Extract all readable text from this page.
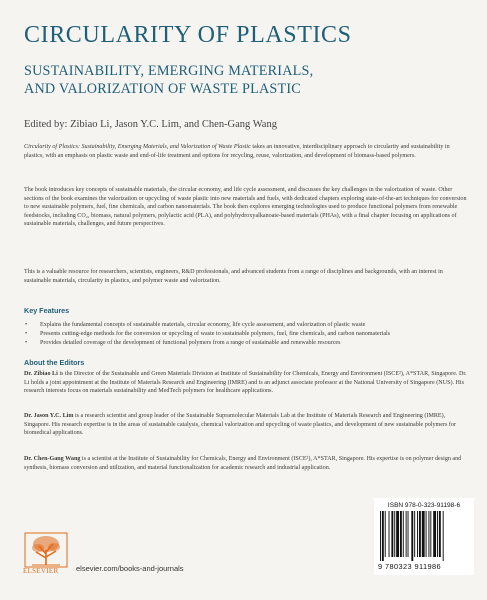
CIRCULARITY OF PLASTICS
SUSTAINABILITY, EMERGING MATERIALS,
AND VALORIZATION OF WASTE PLASTIC
Edited by: Zibiao Li, Jason Y.C. Lim, and Chen-Gang Wang

Circularity of Plastics: Sustainability, Emerging Materials, and Valorization of Waste Plastic takes an innovative, interdisciplinary approach to circularity and sustainability in plastics, with an emphasis on plastic waste and end-of-life treatment and options for recycling, reuse, valorization, and development of biomass-based polymers.

The book introduces key concepts of sustainable materials, the circular economy, and life cycle assessment, and discusses the key challenges in the valorization of waste. Other sections of the book examines the valorization or upcycling of waste plastic into new materials and fuels, with dedicated chapters exploring state-of-the-art techniques for conversion to new sustainable polymers, fuel, fine chemicals, and carbon nanomaterials. The book then explores emerging technologies used to produce functional polymers from renewable feedstocks, including CO₂, biomass, natural polymers, polylactic acid (PLA), and polyhydroxyalkanoate-based materials (PHAs), with a final chapter focusing on applications of sustainable materials, challenges, and future perspectives.

This is a valuable resource for researchers, scientists, engineers, R&D professionals, and advanced students from a range of disciplines and backgrounds, with an interest in sustainable materials, circularity in plastics, and polymer waste and valorization.

Key Features
• Explains the fundamental concepts of sustainable materials, circular economy, life cycle assessment, and valorization of plastic waste
• Presents cutting-edge methods for the conversion or upcycling of waste to sustainable polymers, fuel, fine chemicals, and carbon nanomaterials
• Provides detailed coverage of the development of functional polymers from a range of sustainable and renewable resources
About the Editors

Dr. Zibiao Li is the Director of the Sustainable and Green Materials Division at Institute of Sustainability for Chemicals, Energy and Environment (ISCE²), A*STAR, Singapore. Dr. Li holds a joint appointment at the Institute of Materials Research and Engineering (IMRE) and is an adjunct associate professor at the National University of Singapore (NUS). His research interests focus on materials sustainability and MedTech polymers for healthcare applications.

Dr. Jason Y.C. Lim is a research scientist and group leader of the Sustainable Supramolecular Materials Lab at the Institute of Materials Research and Engineering (IMRE), Singapore. His research expertise is in the areas of sustainable catalysis, chemical valorization and upcycling of waste plastics, and development of new sustainable polymers for biomedical applications.

Dr. Chen-Gang Wang is a scientist at the Institute of Sustainability for Chemicals, Energy and Environment (ISCE²), A*STAR, Singapore. His expertise is on polymer design and synthesis, biomass conversion and utilization, and material functionalization for academic research and industrial application.

ELSEVIER elsevier.com/books-and-journals
ISBN 978-0-323-91198-6
9 780323 911986
